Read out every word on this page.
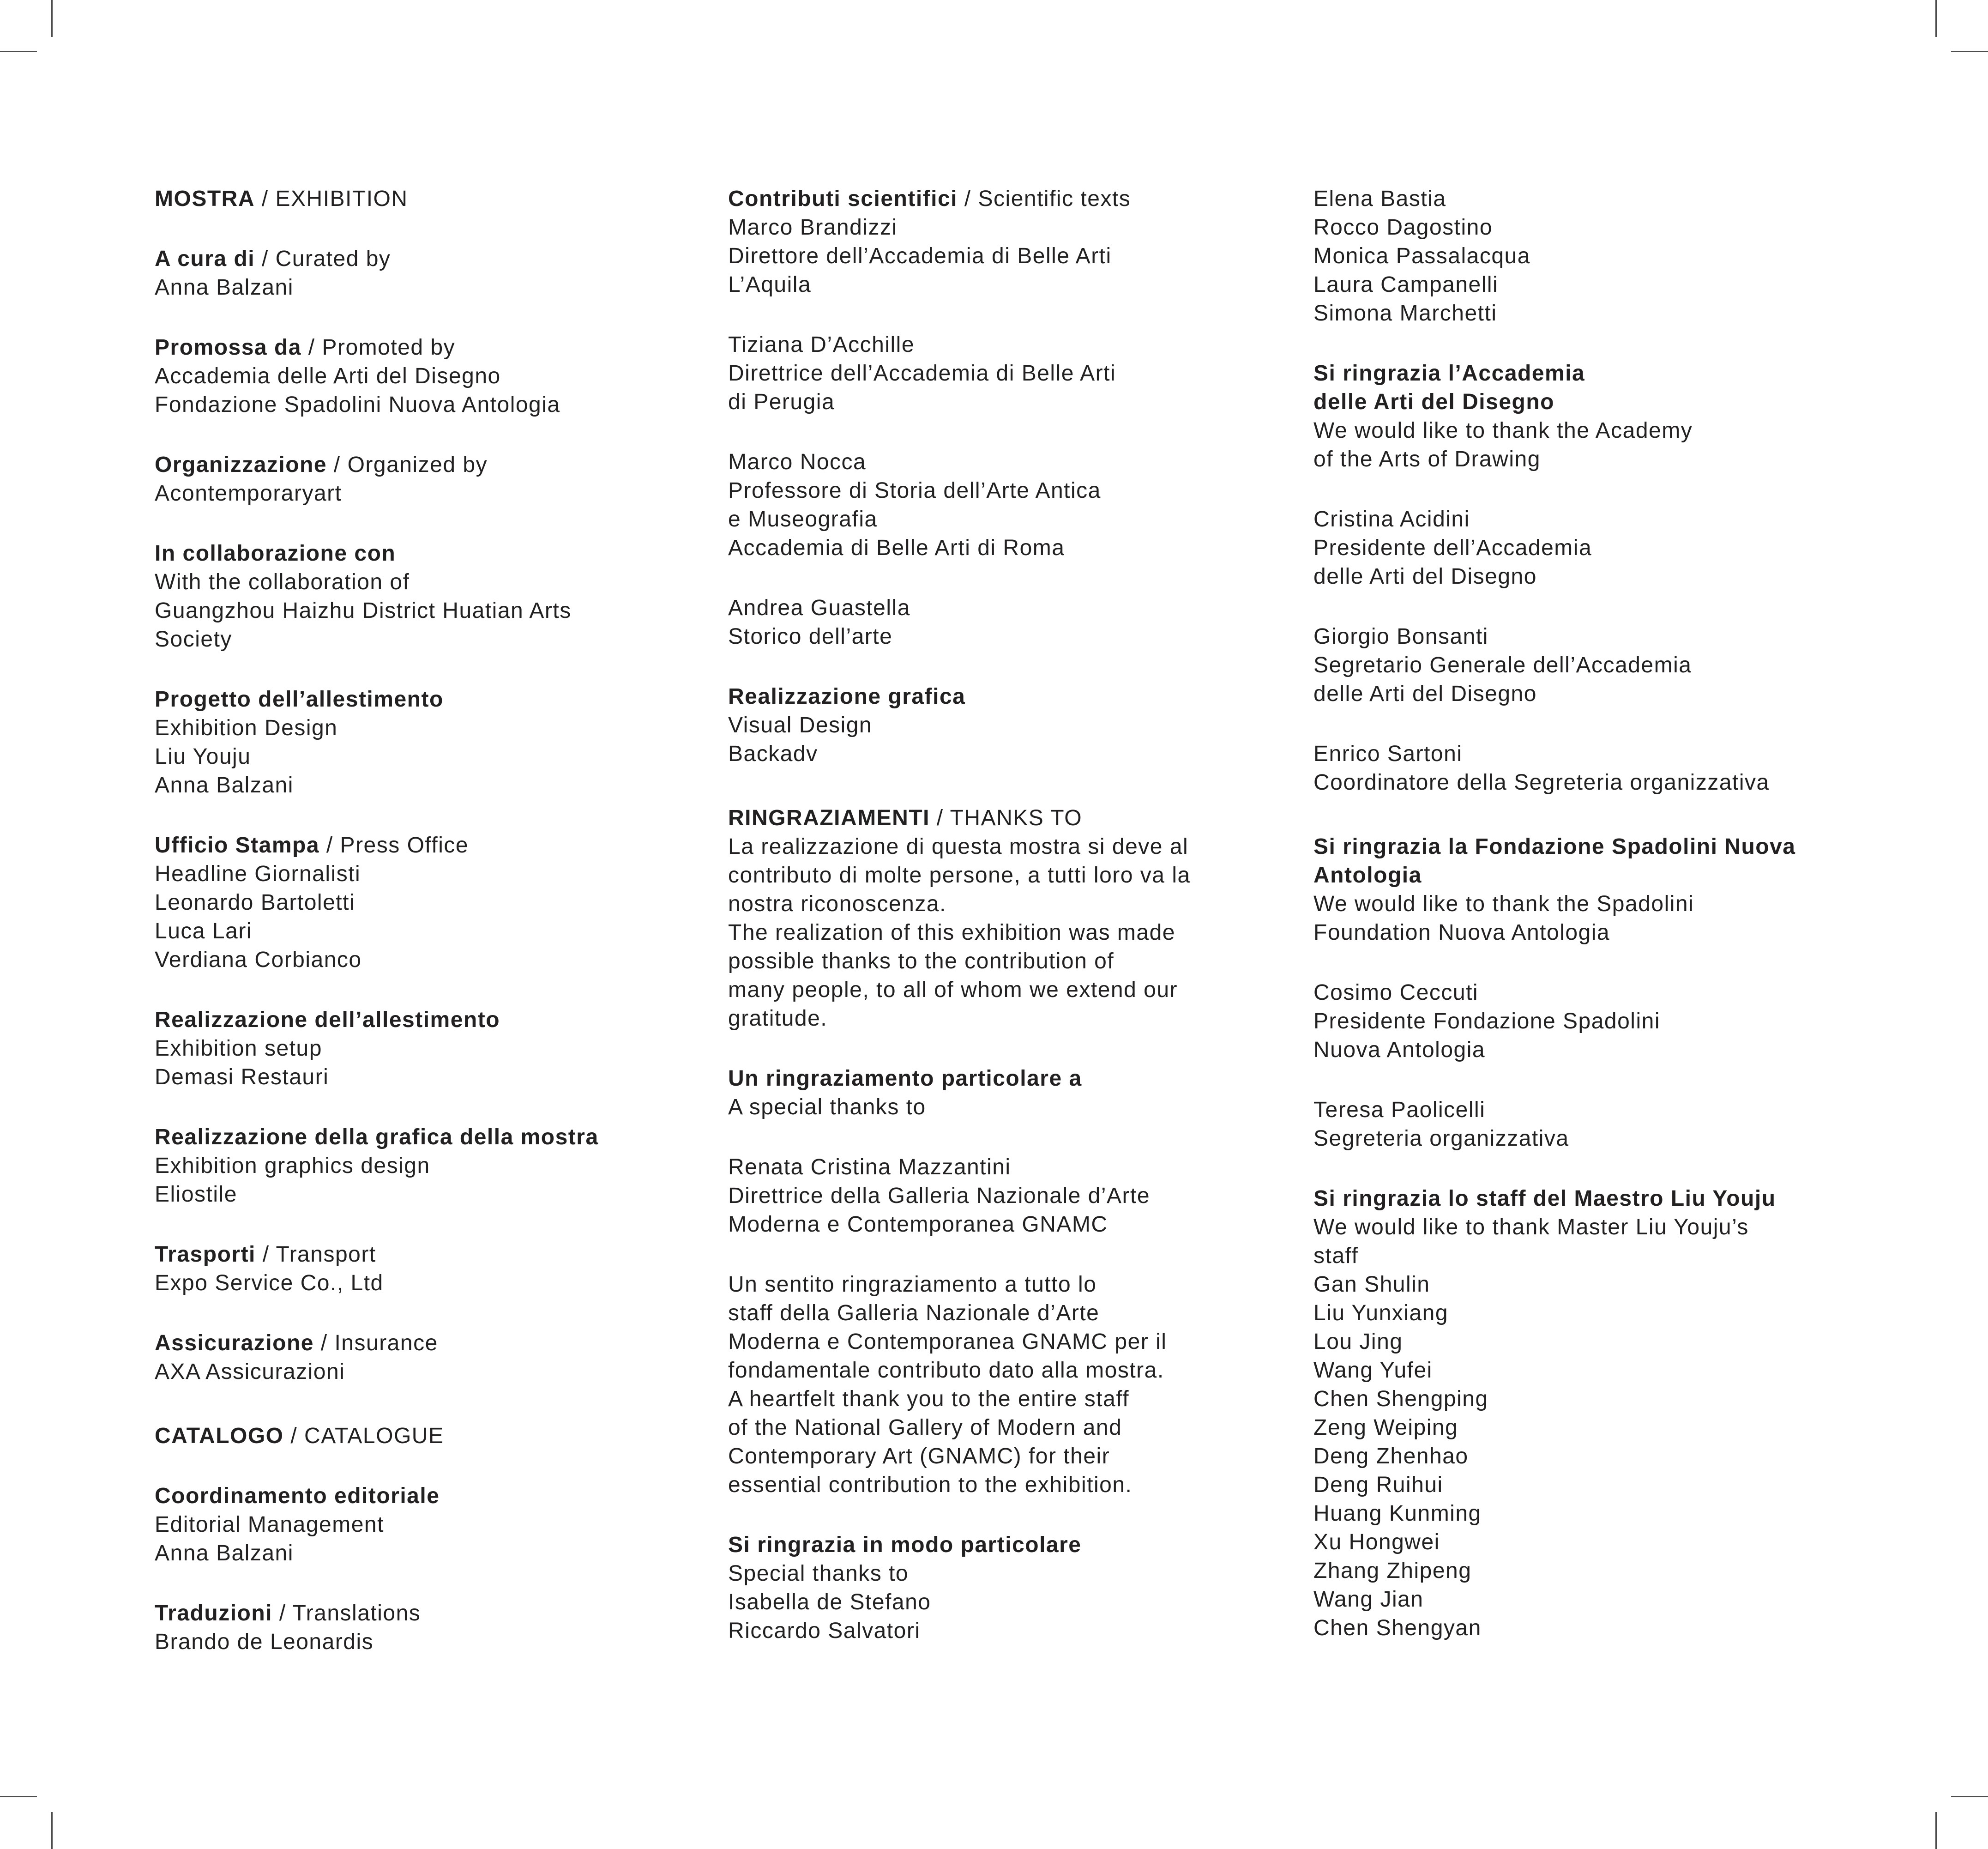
MOSTRA / EXHIBITION
A cura di / Curated by
Anna Balzani
Promossa da / Promoted by
Accademia delle Arti del Disegno
Fondazione Spadolini Nuova Antologia
Organizzazione / Organized by
Acontemporaryart
In collaborazione con
With the collaboration of
Guangzhou Haizhu District Huatian Arts
Society
Progetto dell’allestimento
Exhibition Design
Liu Youju
Anna Balzani
Ufficio Stampa / Press Office
Headline Giornalisti
Leonardo Bartoletti
Luca Lari
Verdiana Corbianco
Realizzazione dell’allestimento
Exhibition setup
Demasi Restauri
Realizzazione della grafica della mostra
Exhibition graphics design
Eliostile
Trasporti / Transport
Expo Service Co., Ltd
Assicurazione / Insurance
AXA Assicurazioni
CATALOGO / CATALOGUE
Coordinamento editoriale
Editorial Management
Anna Balzani
Traduzioni / Translations
Brando de Leonardis
Contributi scientifici / Scientific texts
Marco Brandizzi
Direttore dell’Accademia di Belle Arti
L’Aquila
Tiziana D’Acchille
Direttrice dell’Accademia di Belle Arti
di Perugia
Marco Nocca
Professore di Storia dell’Arte Antica
e Museografia
Accademia di Belle Arti di Roma
Andrea Guastella
Storico dell’arte
Realizzazione grafica
Visual Design
Backadv
RINGRAZIAMENTI / THANKS TO
La realizzazione di questa mostra si deve al
contributo di molte persone, a tutti loro va la
nostra riconoscenza.
The realization of this exhibition was made
possible thanks to the contribution of
many people, to all of whom we extend our
gratitude.
Un ringraziamento particolare a
A special thanks to
Renata Cristina Mazzantini
Direttrice della Galleria Nazionale d’Arte
Moderna e Contemporanea GNAMC
Un sentito ringraziamento a tutto lo
staff della Galleria Nazionale d’Arte
Moderna e Contemporanea GNAMC per il
fondamentale contributo dato alla mostra.
A heartfelt thank you to the entire staff
of the National Gallery of Modern and
Contemporary Art (GNAMC) for their
essential contribution to the exhibition.
Si ringrazia in modo particolare
Special thanks to
Isabella de Stefano
Riccardo Salvatori
Elena Bastia
Rocco Dagostino
Monica Passalacqua
Laura Campanelli
Simona Marchetti
Si ringrazia l’Accademia
delle Arti del Disegno
We would like to thank the Academy
of the Arts of Drawing
Cristina Acidini
Presidente dell’Accademia
delle Arti del Disegno
Giorgio Bonsanti
Segretario Generale dell’Accademia
delle Arti del Disegno
Enrico Sartoni
Coordinatore della Segreteria organizzativa
Si ringrazia la Fondazione Spadolini Nuova
Antologia
We would like to thank the Spadolini
Foundation Nuova Antologia
Cosimo Ceccuti
Presidente Fondazione Spadolini
Nuova Antologia
Teresa Paolicelli
Segreteria organizzativa
Si ringrazia lo staff del Maestro Liu Youju
We would like to thank Master Liu Youju’s
staff
Gan Shulin
Liu Yunxiang
Lou Jing
Wang Yufei
Chen Shengping
Zeng Weiping
Deng Zhenhao
Deng Ruihui
Huang Kunming
Xu Hongwei
Zhang Zhipeng
Wang Jian
Chen Shengyan
